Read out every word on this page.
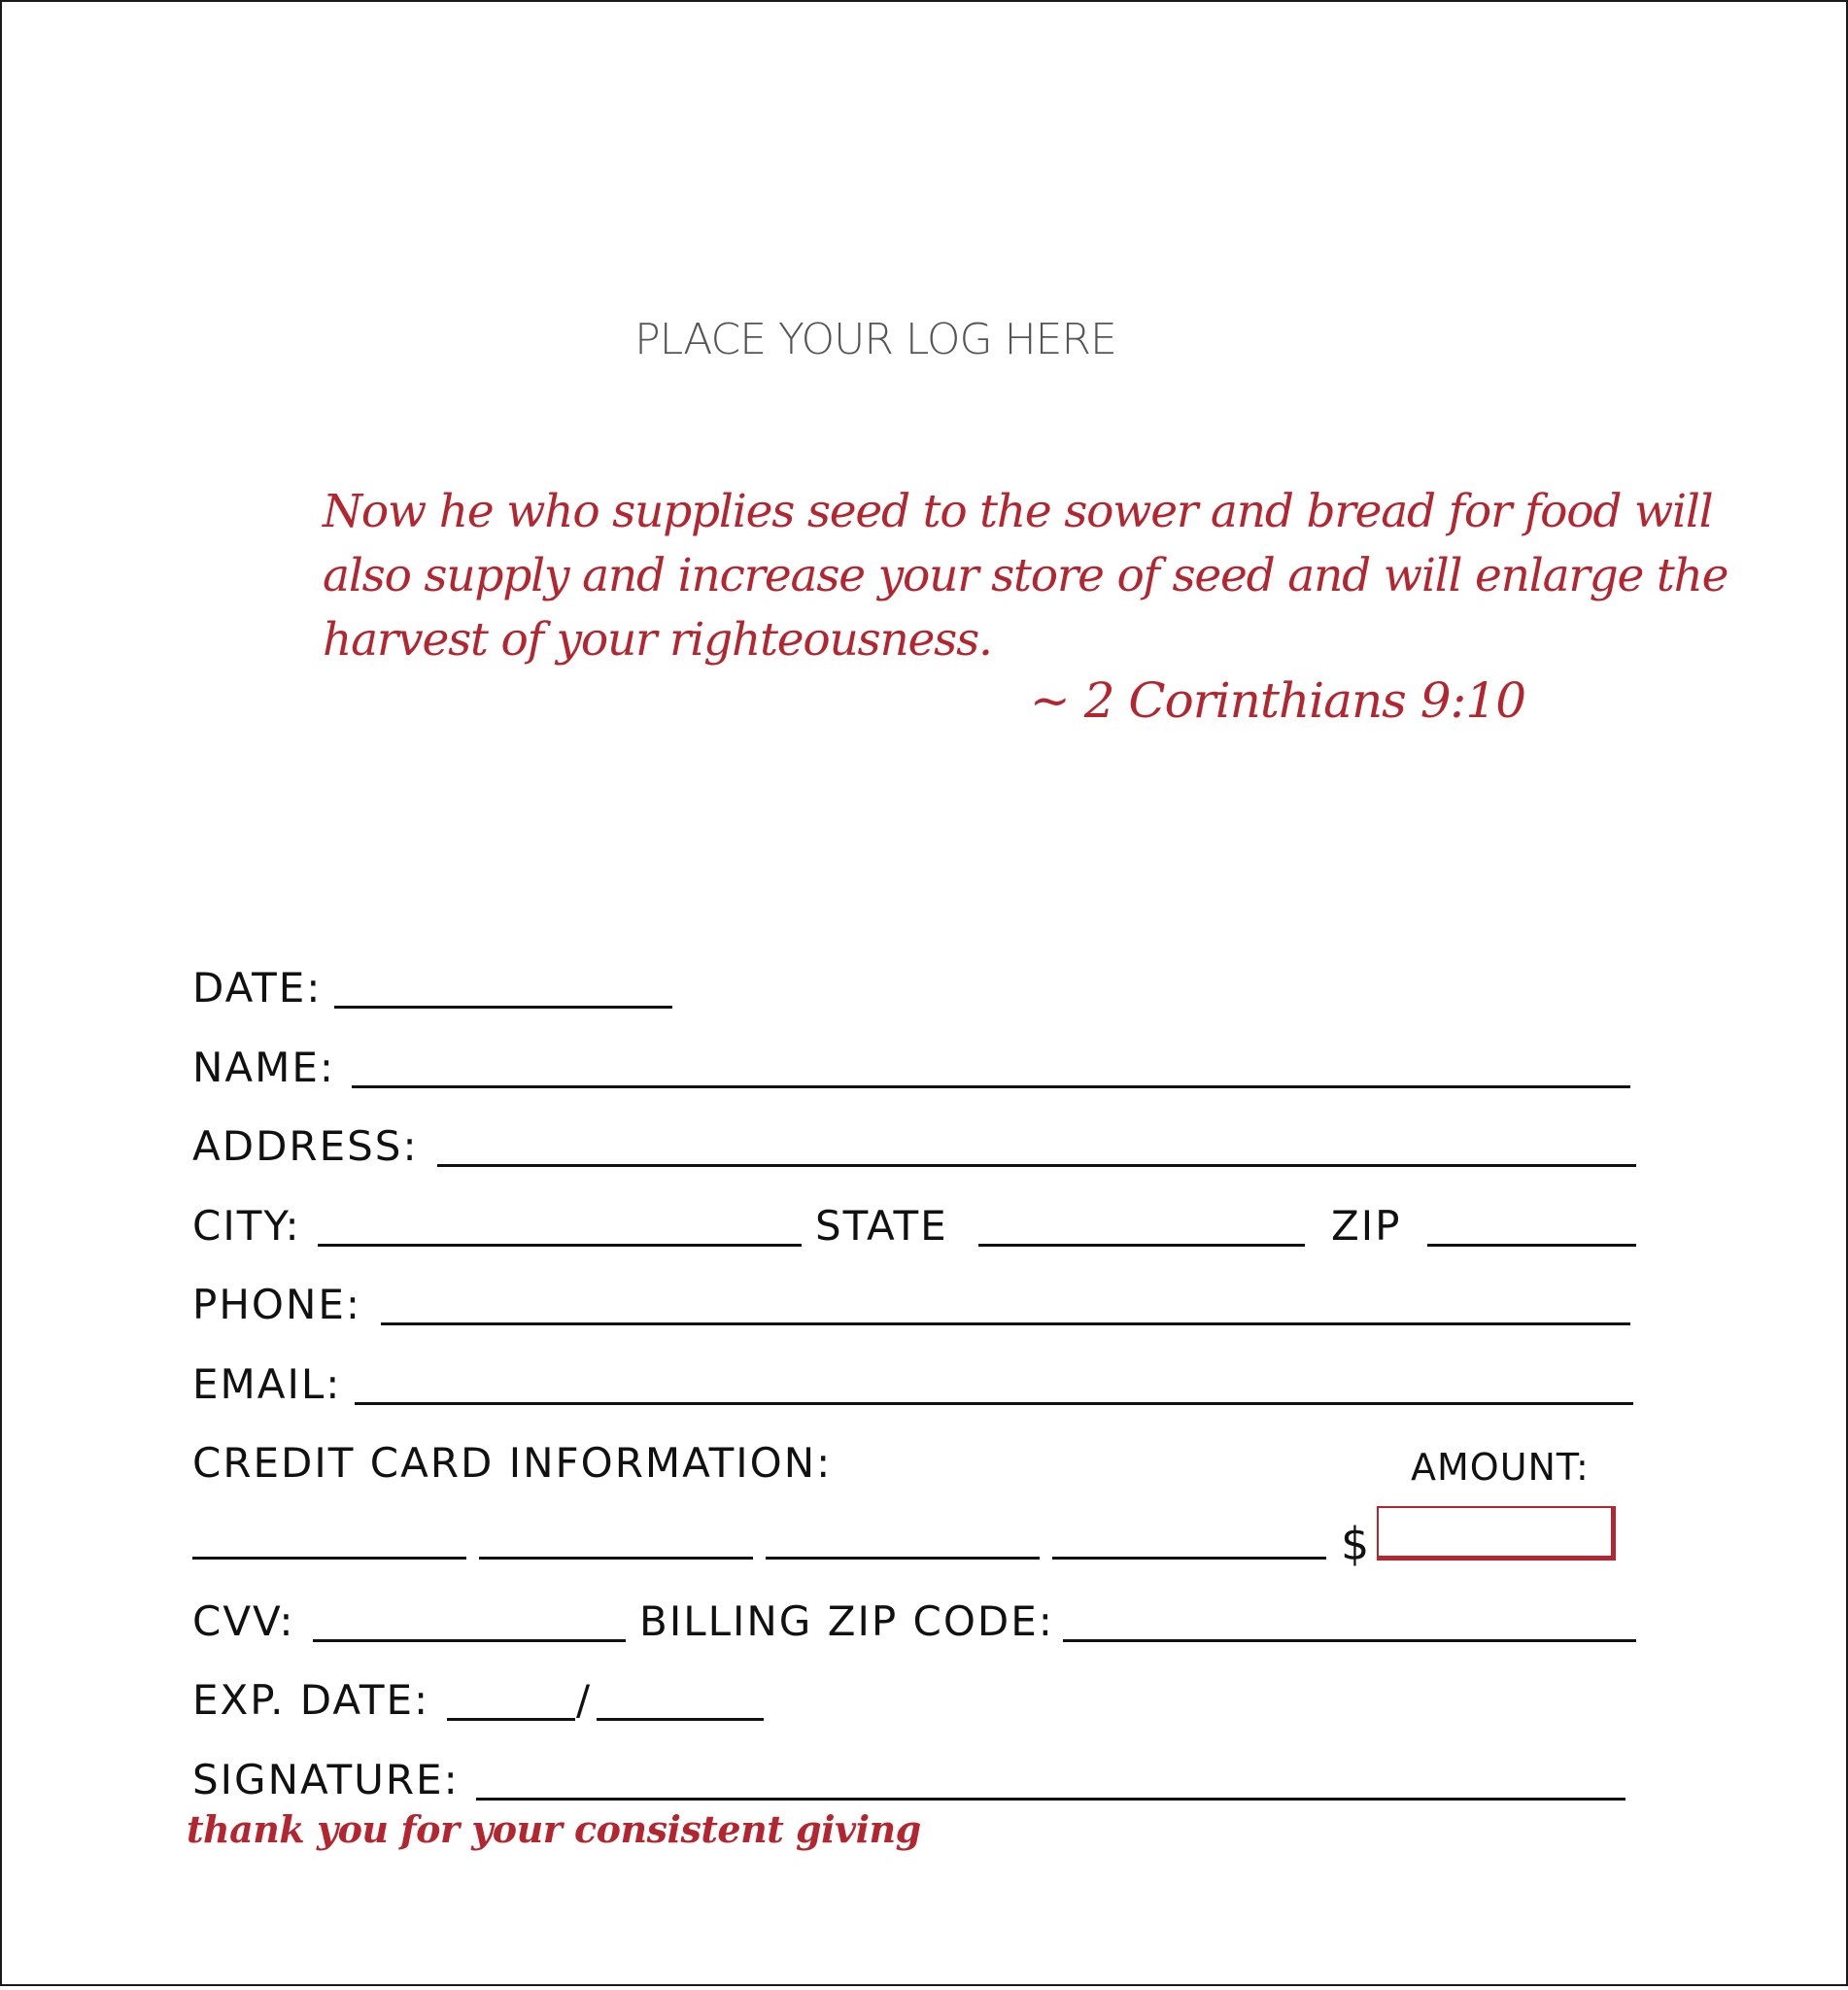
PLACE YOUR LOG HERE
Now he who supplies seed to the sower and bread for food will
also supply and increase your store of seed and will enlarge the
harvest of your righteousness.
~ 2 Corinthians 9:10
DATE:
NAME:
ADDRESS:
CITY:	STATE	ZIP
PHONE:
EMAIL:
CREDIT CARD INFORMATION:	AMOUNT:
$
CVV:	BILLING ZIP CODE:
EXP. DATE:	/
SIGNATURE:
thank you for your consistent giving
